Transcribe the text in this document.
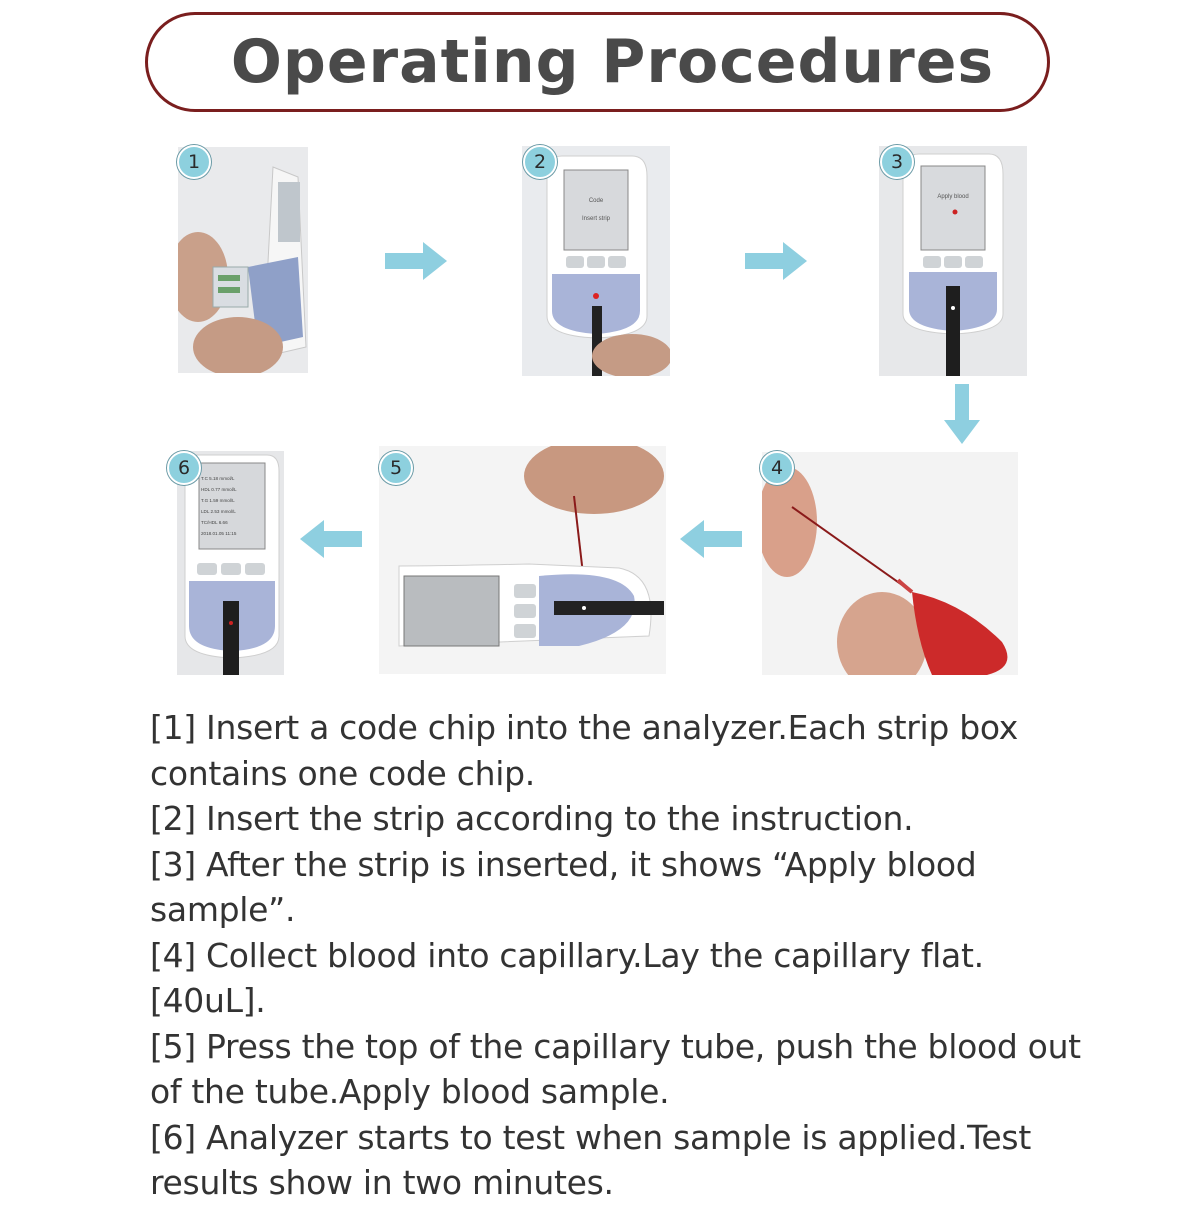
Operating Procedures
1
Code
Insert strip
2
Apply blood
3
4
5
T.C 5.18 mmol/L
HDL 0.77 mmol/L
T.G 1.59 mmol/L
LDL 2.53 mmol/L
TC/HDL 6.66
2018.01.05 11:15
6

[1] Insert a code chip into the analyzer.Each strip box contains one code chip.

[2] Insert the strip according to the instruction.

[3] After the strip is inserted, it shows “Apply blood sample”.

[4] Collect blood into capillary.Lay the capillary flat.[40uL].

[5] Press the top of the capillary tube, push the blood out of the tube.Apply blood sample.

[6] Analyzer starts to test when sample is applied.Test results show in two minutes.
